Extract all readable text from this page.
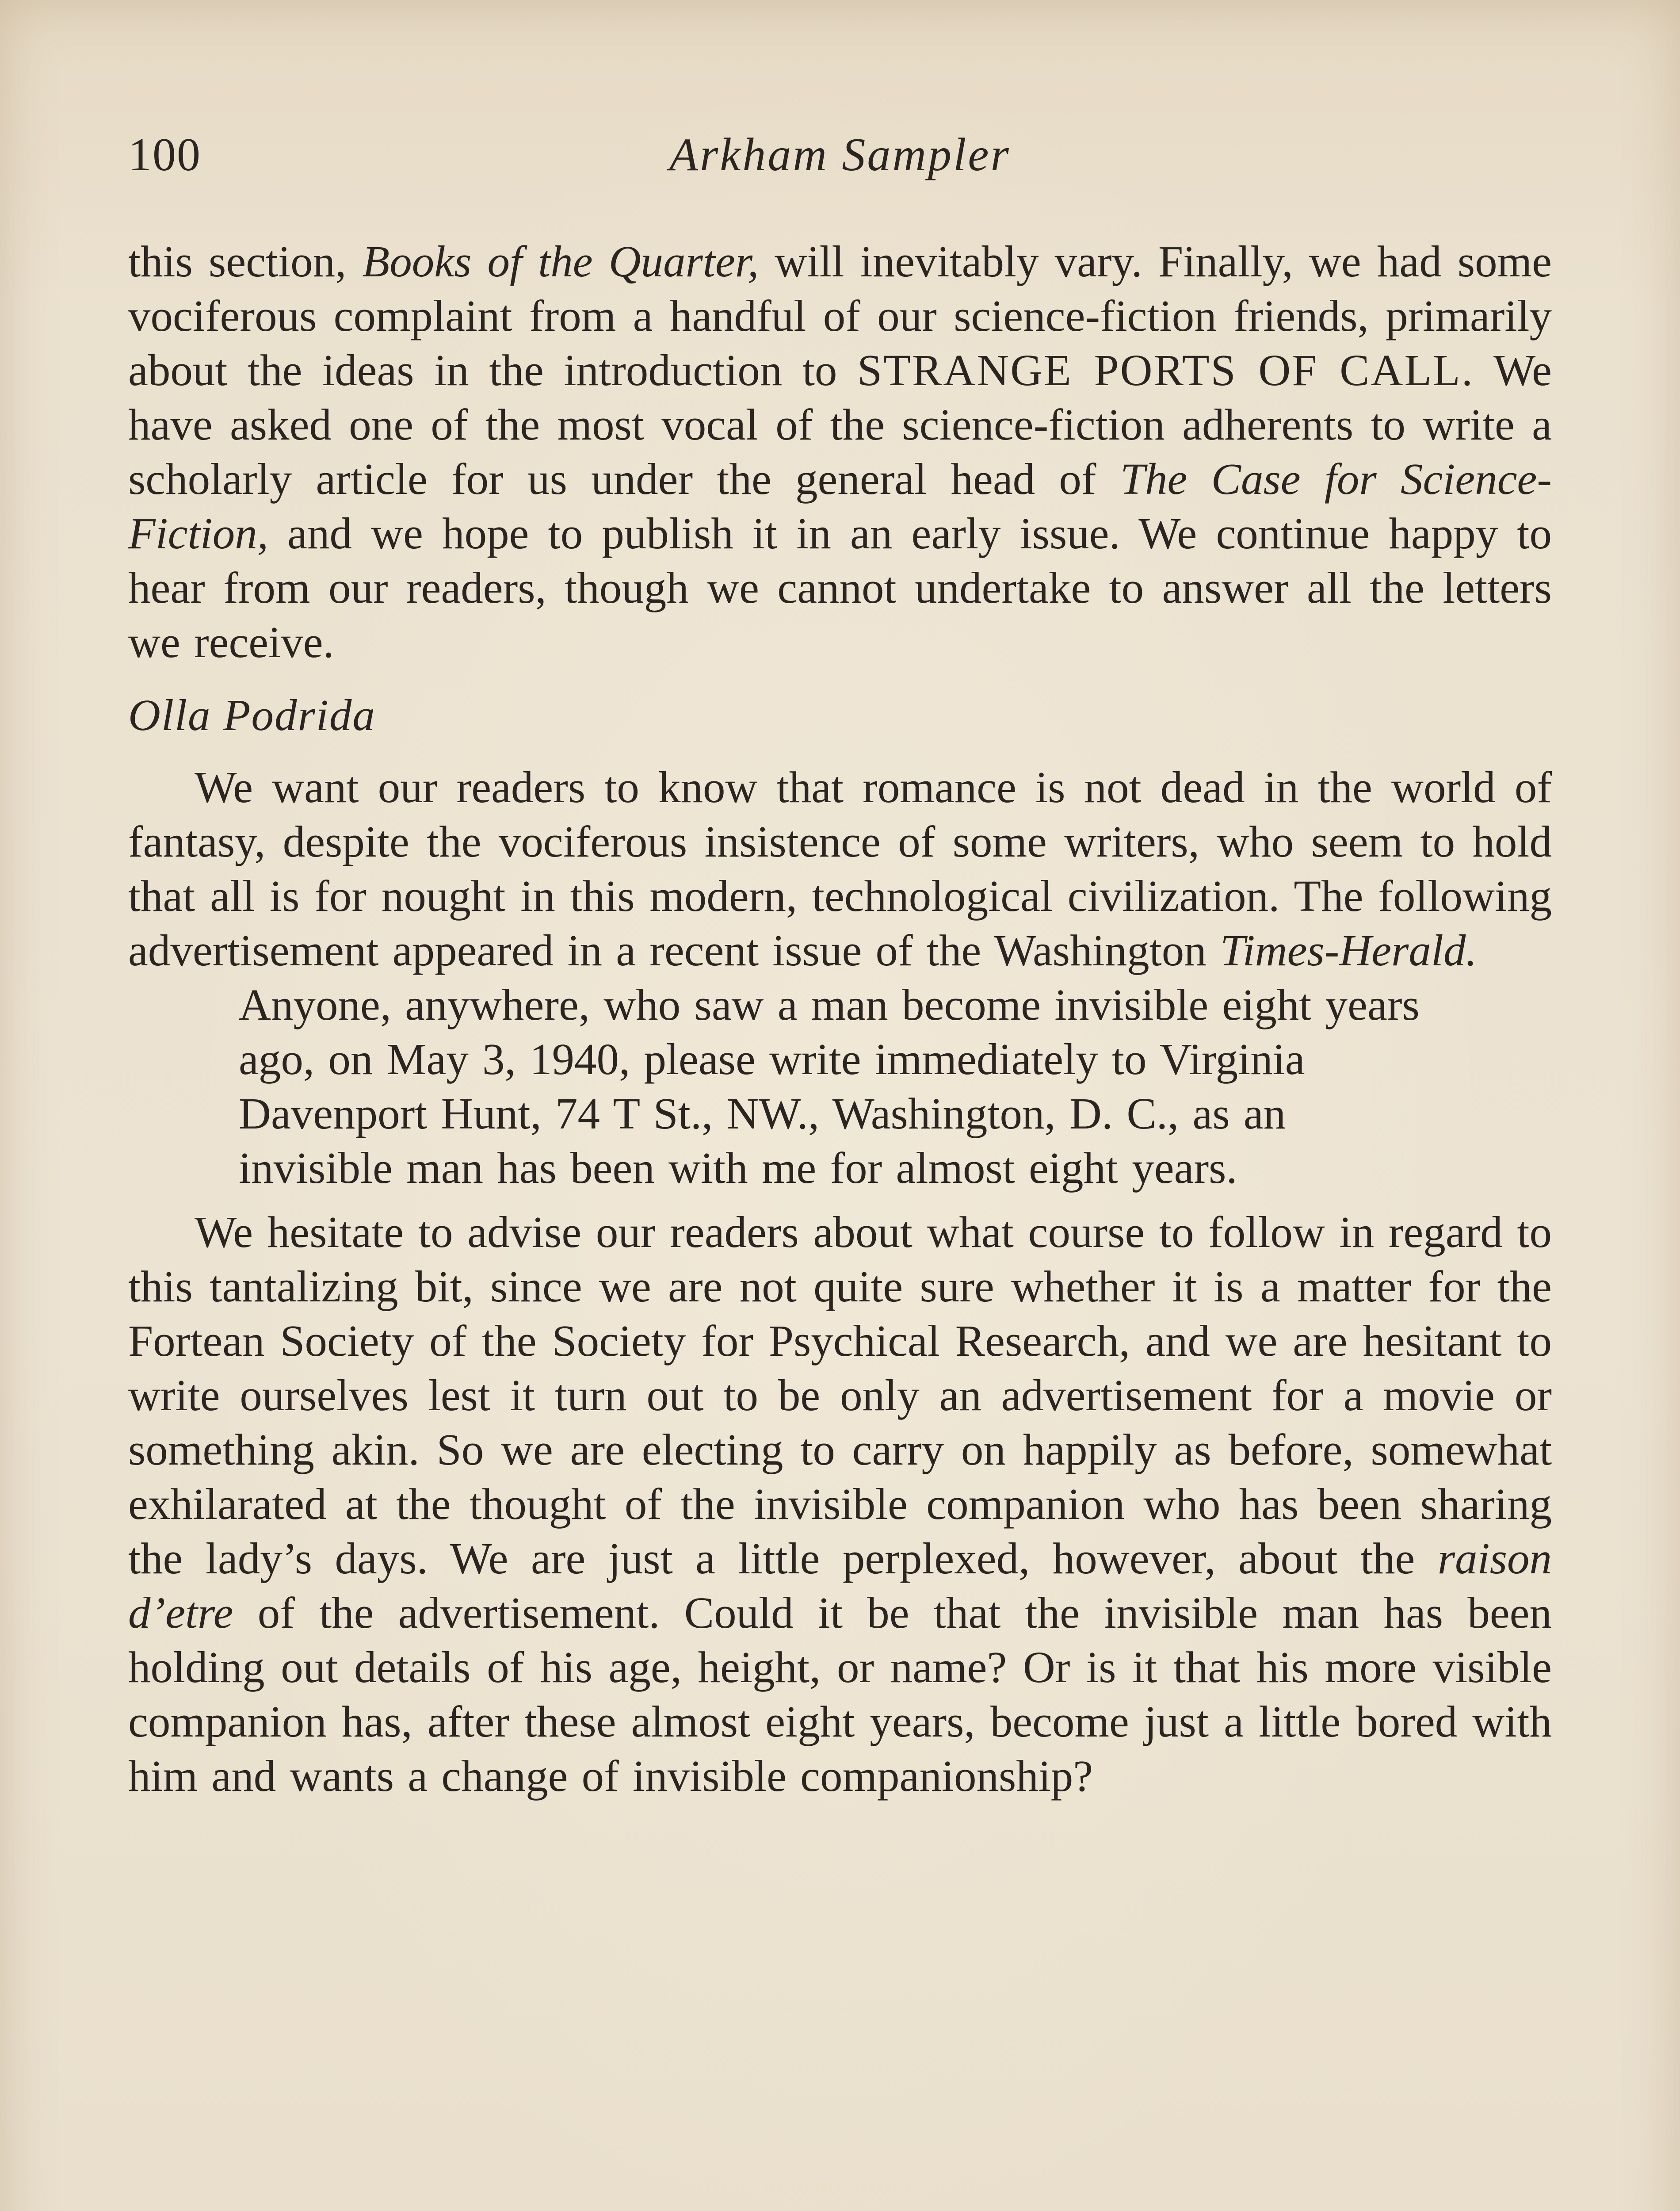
100	Arkham Sampler

this section, Books of the Quarter, will inevitably vary. Finally, we had some vociferous complaint from a handful of our science-fiction friends, primarily about the ideas in the introduction to STRANGE PORTS OF CALL. We have asked one of the most vocal of the science-fiction adherents to write a scholarly article for us under the general head of The Case for Science-Fiction, and we hope to publish it in an early issue. We continue happy to hear from our readers, though we cannot undertake to answer all the letters we receive.

Olla Podrida

We want our readers to know that romance is not dead in the world of fantasy, despite the vociferous insistence of some writers, who seem to hold that all is for nought in this modern, technological civilization. The following advertisement appeared in a recent issue of the Washington Times-Herald.

Anyone, anywhere, who saw a man become invisible eight years ago, on May 3, 1940, please write immediately to Virginia Davenport Hunt, 74 T St., NW., Washington, D. C., as an invisible man has been with me for almost eight years.

We hesitate to advise our readers about what course to follow in regard to this tantalizing bit, since we are not quite sure whether it is a matter for the Fortean Society of the Society for Psychical Research, and we are hesitant to write ourselves lest it turn out to be only an advertisement for a movie or something akin. So we are electing to carry on happily as before, somewhat exhilarated at the thought of the invisible companion who has been sharing the lady’s days. We are just a little perplexed, however, about the raison d’etre of the advertisement. Could it be that the invisible man has been holding out details of his age, height, or name? Or is it that his more visible companion has, after these almost eight years, become just a little bored with him and wants a change of invisible companionship?
